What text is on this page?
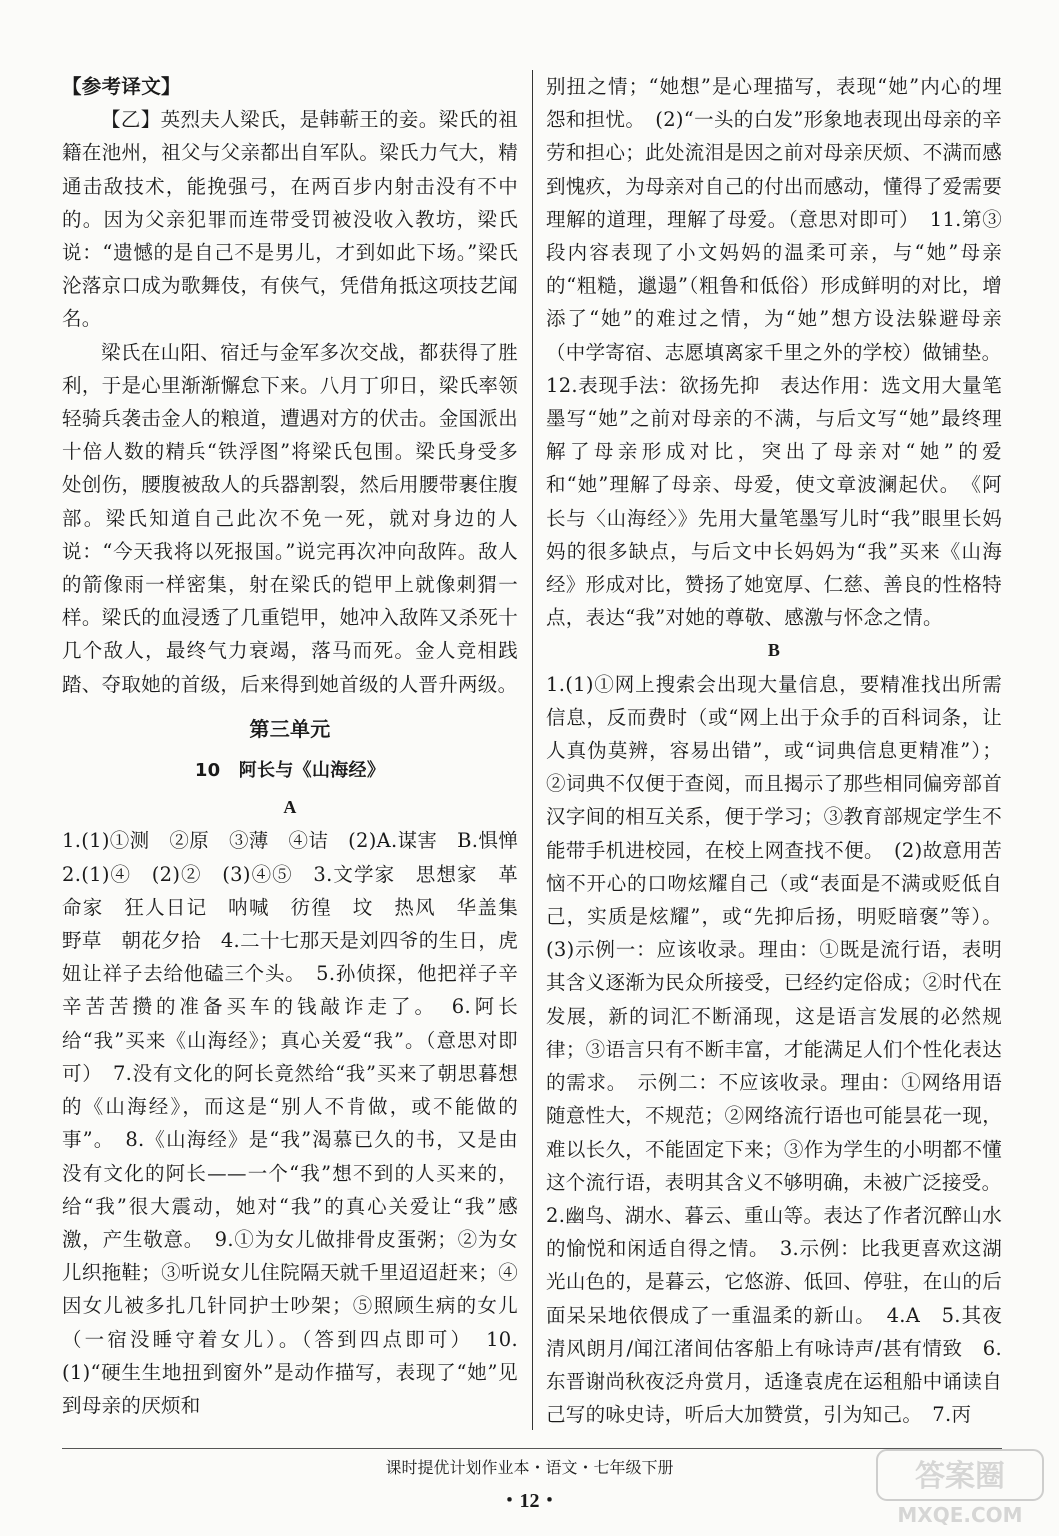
【参考译文】

【乙】英烈夫人梁氏，是韩蕲王的妾。梁氏的祖籍在池州，祖父与父亲都出自军队。梁氏力气大，精通击敌技术，能挽强弓，在两百步内射击没有不中的。因为父亲犯罪而连带受罚被没收入教坊，梁氏说：“遗憾的是自己不是男儿，才到如此下场。”梁氏沦落京口成为歌舞伎，有侠气，凭借角抵这项技艺闻名。

梁氏在山阳、宿迁与金军多次交战，都获得了胜利，于是心里渐渐懈怠下来。八月丁卯日，梁氏率领轻骑兵袭击金人的粮道，遭遇对方的伏击。金国派出十倍人数的精兵“铁浮图”将梁氏包围。梁氏身受多处创伤，腰腹被敌人的兵器割裂，然后用腰带裹住腹部。梁氏知道自己此次不免一死，就对身边的人说：“今天我将以死报国。”说完再次冲向敌阵。敌人的箭像雨一样密集，射在梁氏的铠甲上就像刺猬一样。梁氏的血浸透了几重铠甲，她冲入敌阵又杀死十几个敌人，最终气力衰竭，落马而死。金人竞相践踏、夺取她的首级，后来得到她首级的人晋升两级。

第三单元
10　阿长与《山海经》
A

1.(1)①测　②原　③薄　④诘　(2)A.谋害　B.惧惮　2.(1)④　(2)②　(3)④⑤　3.文学家　思想家　革命家　狂人日记　呐喊　彷徨　坟　热风　华盖集　野草　朝花夕拾　4.二十七那天是刘四爷的生日，虎妞让祥子去给他磕三个头。　5.孙侦探，他把祥子辛辛苦苦攒的准备买车的钱敲诈走了。　6.阿长给“我”买来《山海经》；真心关爱“我”。（意思对即可）　7.没有文化的阿长竟然给“我”买来了朝思暮想的《山海经》，而这是“别人不肯做，或不能做的事”。　8.《山海经》是“我”渴慕已久的书，又是由没有文化的阿长——一个“我”想不到的人买来的，给“我”很大震动，她对“我”的真心关爱让“我”感激，产生敬意。　9.①为女儿做排骨皮蛋粥；②为女儿织拖鞋；③听说女儿住院隔天就千里迢迢赶来；④因女儿被多扎几针同护士吵架；⑤照顾生病的女儿（一宿没睡守着女儿）。（答到四点即可）　10.(1)“硬生生地扭到窗外”是动作描写，表现了“她”见到母亲的厌烦和

别扭之情；“她想”是心理描写，表现“她”内心的埋怨和担忧。　(2)“一头的白发”形象地表现出母亲的辛劳和担心；此处流泪是因之前对母亲厌烦、不满而感到愧疚，为母亲对自己的付出而感动，懂得了爱需要理解的道理，理解了母爱。（意思对即可）　11.第③段内容表现了小文妈妈的温柔可亲，与“她”母亲的“粗糙，邋遢”（粗鲁和低俗）形成鲜明的对比，增添了“她”的难过之情，为“她”想方设法躲避母亲（中学寄宿、志愿填离家千里之外的学校）做铺垫。

12.表现手法：欲扬先抑　表达作用：选文用大量笔墨写“她”之前对母亲的不满，与后文写“她”最终理解了母亲形成对比，突出了母亲对“她”的爱和“她”理解了母亲、母爱，使文章波澜起伏。　《阿长与〈山海经〉》先用大量笔墨写儿时“我”眼里长妈妈的很多缺点，与后文中长妈妈为“我”买来《山海经》形成对比，赞扬了她宽厚、仁慈、善良的性格特点，表达“我”对她的尊敬、感激与怀念之情。

B

1.(1)①网上搜索会出现大量信息，要精准找出所需信息，反而费时（或“网上出于众手的百科词条，让人真伪莫辨，容易出错”，或“词典信息更精准”）；②词典不仅便于查阅，而且揭示了那些相同偏旁部首汉字间的相互关系，便于学习；③教育部规定学生不能带手机进校园，在校上网查找不便。　(2)故意用苦恼不开心的口吻炫耀自己（或“表面是不满或贬低自己，实质是炫耀”，或“先抑后扬，明贬暗褒”等）。(3)示例一：应该收录。理由：①既是流行语，表明其含义逐渐为民众所接受，已经约定俗成；②时代在发展，新的词汇不断涌现，这是语言发展的必然规律；③语言只有不断丰富，才能满足人们个性化表达的需求。　示例二：不应该收录。理由：①网络用语随意性大，不规范；②网络流行语也可能昙花一现，难以长久，不能固定下来；③作为学生的小明都不懂这个流行语，表明其含义不够明确，未被广泛接受。

2.幽鸟、湖水、暮云、重山等。表达了作者沉醉山水的愉悦和闲适自得之情。　3.示例：比我更喜欢这湖光山色的，是暮云，它悠游、低回、停驻，在山的后面呆呆地依偎成了一重温柔的新山。　4.A　5.其夜清风朗月/闻江渚间估客船上有咏诗声/甚有情致　6.东晋谢尚秋夜泛舟赏月，适逢袁虎在运租船中诵读自己写的咏史诗，听后大加赞赏，引为知己。　7.丙

课时提优计划作业本・语文・七年级下册
・12・
答案圈
MXQE.COM
